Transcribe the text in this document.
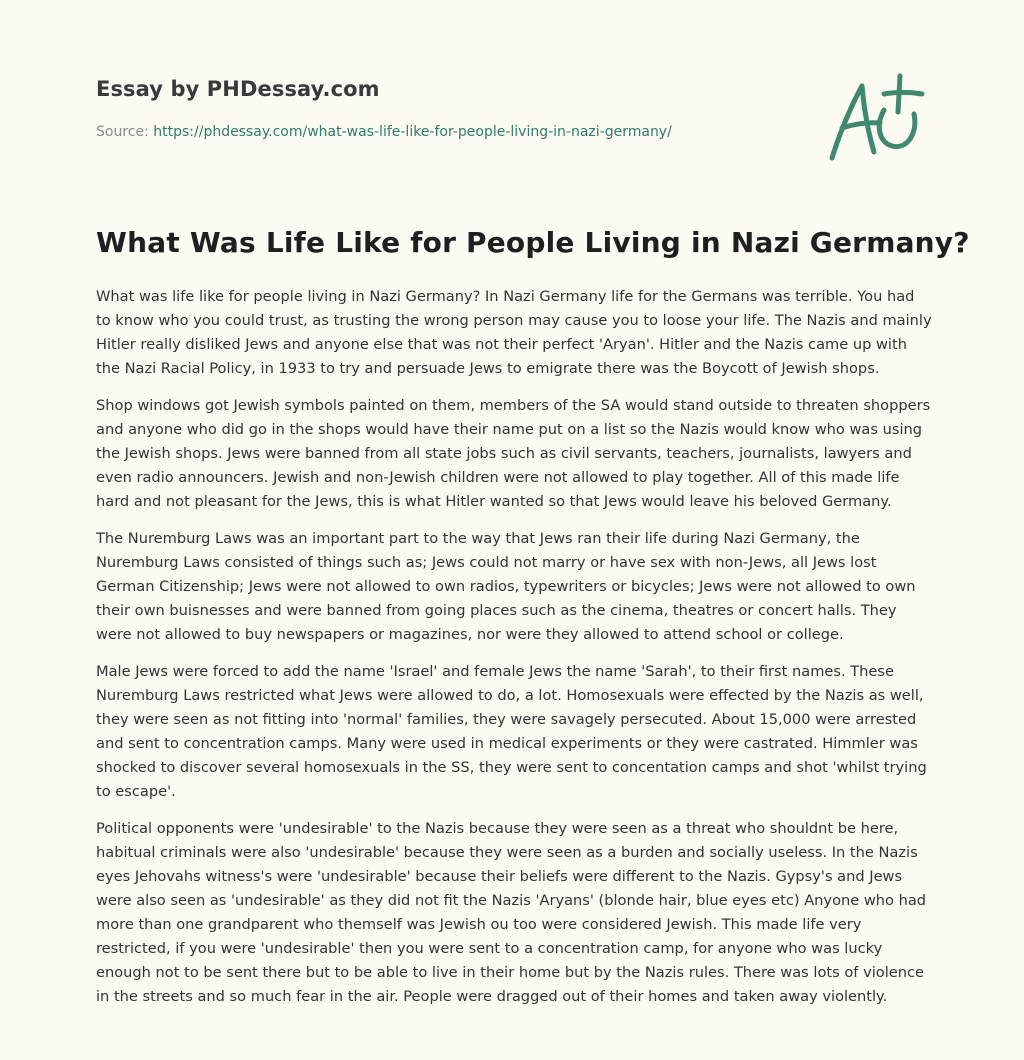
Essay by PHDessay.com

Source: https://phdessay.com/what-was-life-like-for-people-living-in-nazi-germany/

What Was Life Like for People Living in Nazi Germany?

What was life like for people living in Nazi Germany? In Nazi Germany life for the Germans was terrible. You had to know who you could trust, as trusting the wrong person may cause you to loose your life. The Nazis and mainly Hitler really disliked Jews and anyone else that was not their perfect 'Aryan'. Hitler and the Nazis came up with the Nazi Racial Policy, in 1933 to try and persuade Jews to emigrate there was the Boycott of Jewish shops.

Shop windows got Jewish symbols painted on them, members of the SA would stand outside to threaten shoppers and anyone who did go in the shops would have their name put on a list so the Nazis would know who was using the Jewish shops. Jews were banned from all state jobs such as civil servants, teachers, journalists, lawyers and even radio announcers. Jewish and non-Jewish children were not allowed to play together. All of this made life hard and not pleasant for the Jews, this is what Hitler wanted so that Jews would leave his beloved Germany.

The Nuremburg Laws was an important part to the way that Jews ran their life during Nazi Germany, the Nuremburg Laws consisted of things such as; Jews could not marry or have sex with non-Jews, all Jews lost German Citizenship; Jews were not allowed to own radios, typewriters or bicycles; Jews were not allowed to own their own buisnesses and were banned from going places such as the cinema, theatres or concert halls. They were not allowed to buy newspapers or magazines, nor were they allowed to attend school or college.

Male Jews were forced to add the name 'Israel' and female Jews the name 'Sarah', to their first names. These Nuremburg Laws restricted what Jews were allowed to do, a lot. Homosexuals were effected by the Nazis as well, they were seen as not fitting into 'normal' families, they were savagely persecuted. About 15,000 were arrested and sent to concentration camps. Many were used in medical experiments or they were castrated. Himmler was shocked to discover several homosexuals in the SS, they were sent to concentation camps and shot 'whilst trying to escape'.

Political opponents were 'undesirable' to the Nazis because they were seen as a threat who shouldnt be here, habitual criminals were also 'undesirable' because they were seen as a burden and socially useless. In the Nazis eyes Jehovahs witness's were 'undesirable' because their beliefs were different to the Nazis. Gypsy's and Jews were also seen as 'undesirable' as they did not fit the Nazis 'Aryans' (blonde hair, blue eyes etc) Anyone who had more than one grandparent who themself was Jewish ou too were considered Jewish. This made life very restricted, if you were 'undesirable' then you were sent to a concentration camp, for anyone who was lucky enough not to be sent there but to be able to live in their home but by the Nazis rules. There was lots of violence in the streets and so much fear in the air. People were dragged out of their homes and taken away violently.
